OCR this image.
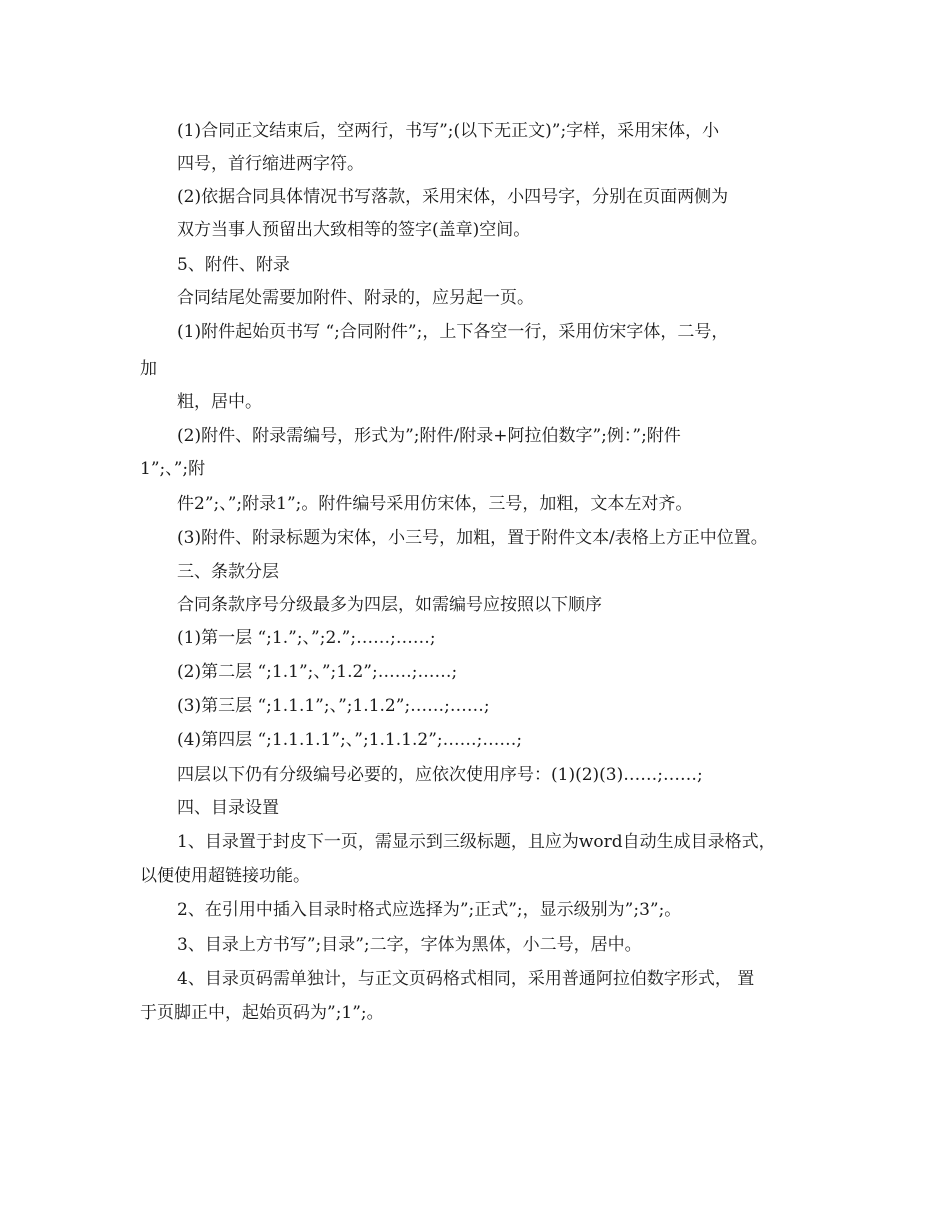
(1)合同正文结束后，空两行，书写”;(以下无正文)”;字样，采用宋体，小
四号，首行缩进两字符。
(2)依据合同具体情况书写落款，采用宋体，小四号字，分别在页面两侧为
双方当事人预留出大致相等的签字(盖章)空间。
5、附件、附录
合同结尾处需要加附件、附录的，应另起一页。
(1)附件起始页书写 “;合同附件”;，上下各空一行，采用仿宋字体，二号，
加
粗，居中。
(2)附件、附录需编号，形式为”;附件/附录+阿拉伯数字”;例：”;附件
1”;、”;附
件2”;、”;附录1”;。附件编号采用仿宋体，三号，加粗，文本左对齐。
(3)附件、附录标题为宋体，小三号，加粗，置于附件文本/表格上方正中位置。
三、条款分层
合同条款序号分级最多为四层，如需编号应按照以下顺序
(1)第一层 “;1.”;、”;2.”;……;……;
(2)第二层 “;1.1”;、”;1.2”;……;……;
(3)第三层 “;1.1.1”;、”;1.1.2”;……;……;
(4)第四层 “;1.1.1.1”;、”;1.1.1.2”;……;……;
四层以下仍有分级编号必要的，应依次使用序号：(1)(2)(3)……;……;
四、目录设置
1、目录置于封皮下一页，需显示到三级标题，且应为word自动生成目录格式，
以便使用超链接功能。
2、在引用中插入目录时格式应选择为”;正式”;，显示级别为”;3”;。
3、目录上方书写”;目录”;二字，字体为黑体，小二号，居中。
4、目录页码需单独计，与正文页码格式相同，采用普通阿拉伯数字形式， 置
于页脚正中，起始页码为”;1”;。
